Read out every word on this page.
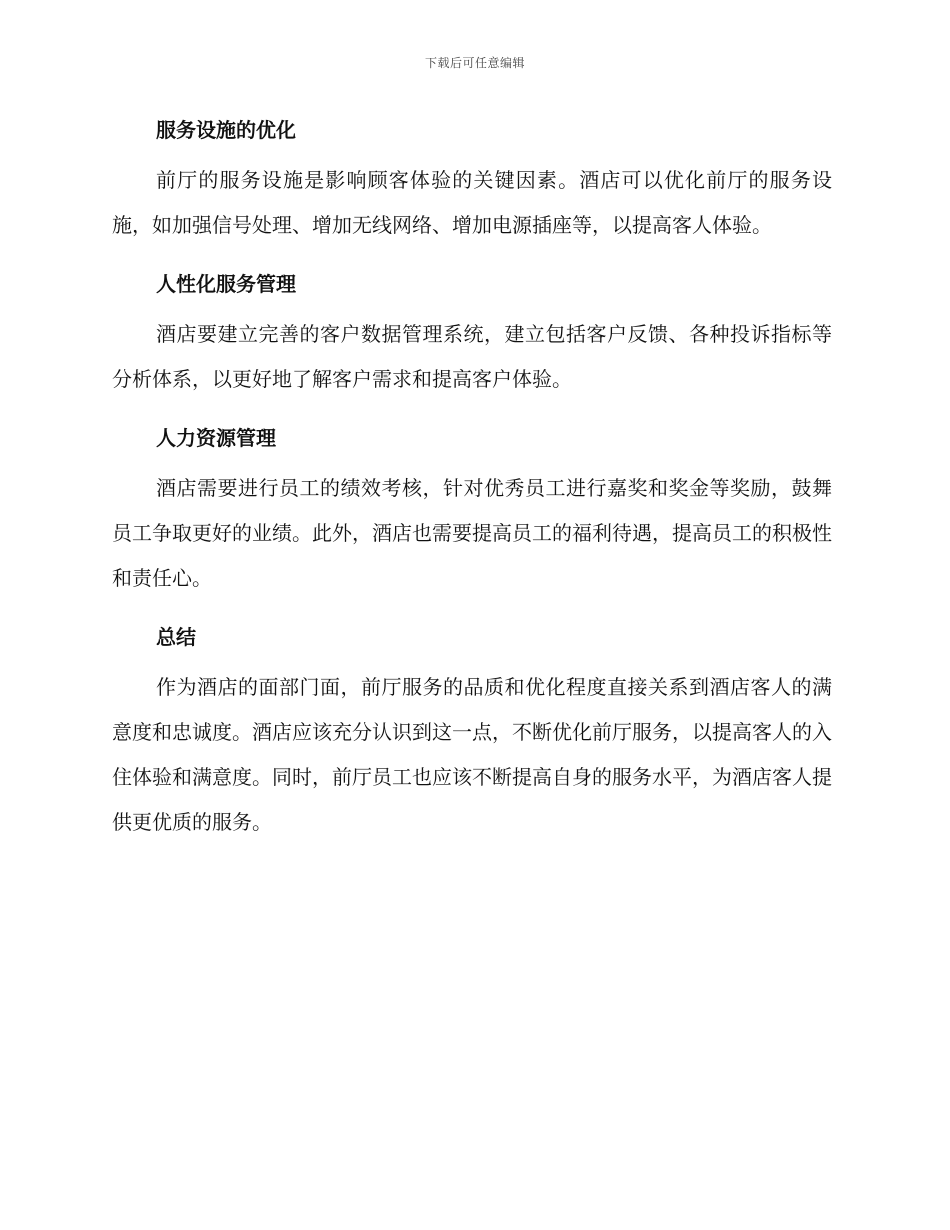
下载后可任意编辑
服务设施的优化

前厅的服务设施是影响顾客体验的关键因素。酒店可以优化前厅的服务设施，如加强信号处理、增加无线网络、增加电源插座等，以提高客人体验。

人性化服务管理

酒店要建立完善的客户数据管理系统，建立包括客户反馈、各种投诉指标等分析体系，以更好地了解客户需求和提高客户体验。

人力资源管理

酒店需要进行员工的绩效考核，针对优秀员工进行嘉奖和奖金等奖励，鼓舞员工争取更好的业绩。此外，酒店也需要提高员工的福利待遇，提高员工的积极性和责任心。

总结

作为酒店的面部门面，前厅服务的品质和优化程度直接关系到酒店客人的满意度和忠诚度。酒店应该充分认识到这一点，不断优化前厅服务，以提高客人的入住体验和满意度。同时，前厅员工也应该不断提高自身的服务水平，为酒店客人提供更优质的服务。
